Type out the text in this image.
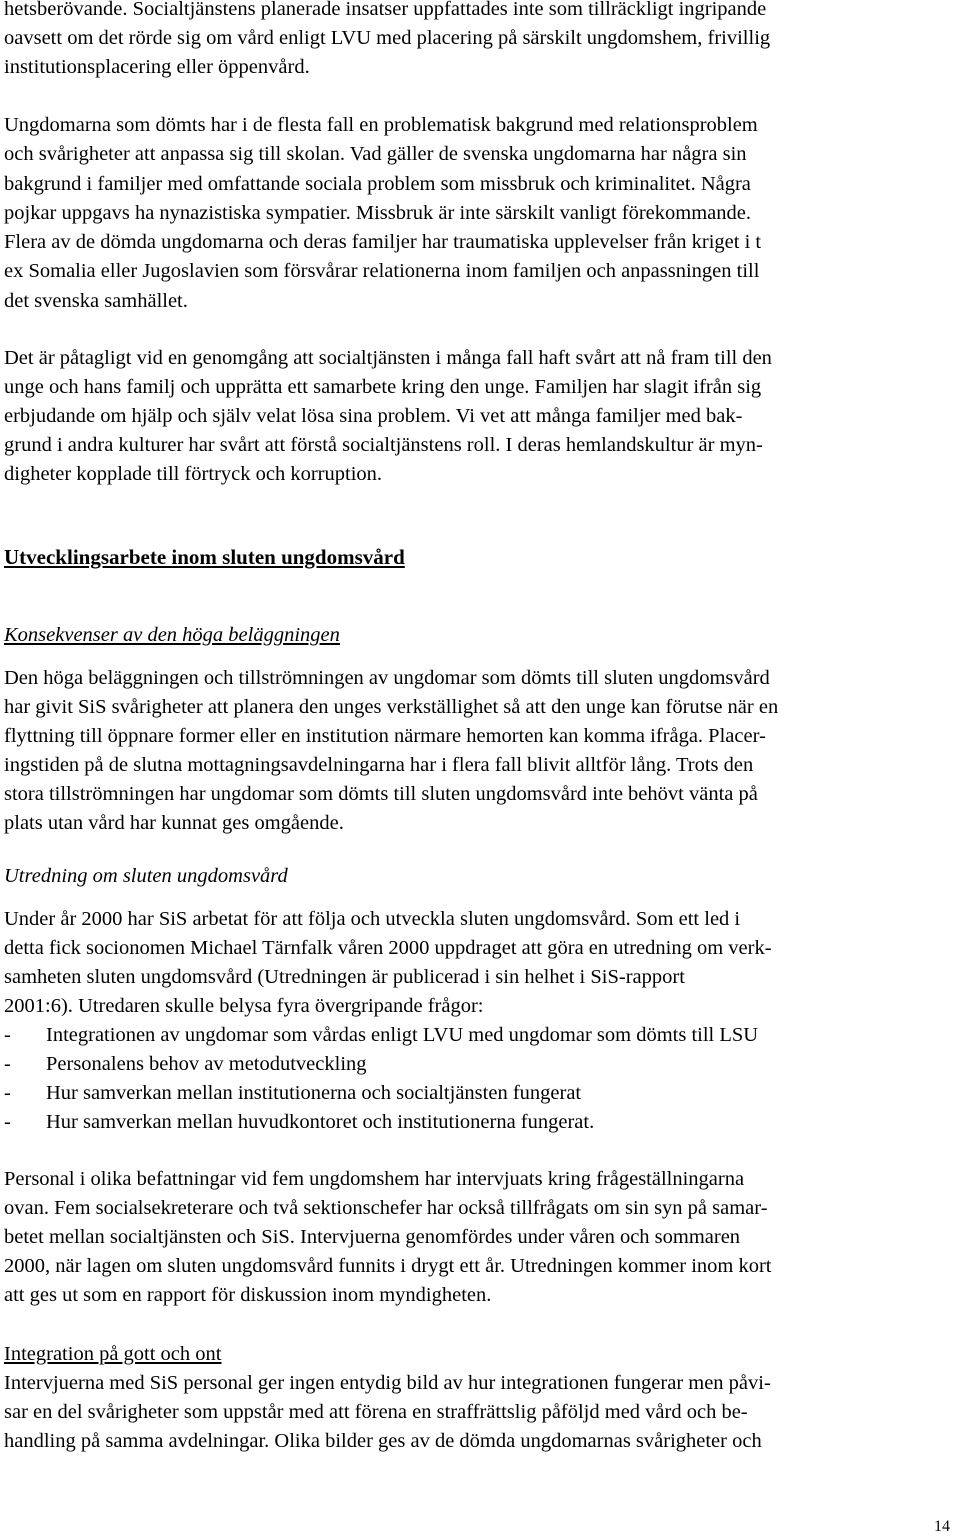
hetsberövande. Socialtjänstens planerade insatser uppfattades inte som tillräckligt ingripande

oavsett om det rörde sig om vård enligt LVU med placering på särskilt ungdomshem, frivillig

institutionsplacering eller öppenvård.

Ungdomarna som dömts har i de flesta fall en problematisk bakgrund med relationsproblem

och svårigheter att anpassa sig till skolan. Vad gäller de svenska ungdomarna har några sin

bakgrund i familjer med omfattande sociala problem som missbruk och kriminalitet. Några

pojkar uppgavs ha nynazistiska sympatier. Missbruk är inte särskilt vanligt förekommande.

Flera av de dömda ungdomarna och deras familjer har traumatiska upplevelser från kriget i t

ex Somalia eller Jugoslavien som försvårar relationerna inom familjen och anpassningen till

det svenska samhället.

Det är påtagligt vid en genomgång att socialtjänsten i många fall haft svårt att nå fram till den

unge och hans familj och upprätta ett samarbete kring den unge. Familjen har slagit ifrån sig

erbjudande om hjälp och själv velat lösa sina problem. Vi vet att många familjer med bak-

grund i andra kulturer har svårt att förstå socialtjänstens roll. I deras hemlandskultur är myn-

digheter kopplade till förtryck och korruption.

Utvecklingsarbete inom sluten ungdomsvård

Konsekvenser av den höga beläggningen

Den höga beläggningen och tillströmningen av ungdomar som dömts till sluten ungdomsvård

har givit SiS svårigheter att planera den unges verkställighet så att den unge kan förutse när en

flyttning till öppnare former eller en institution närmare hemorten kan komma ifråga. Placer-

ingstiden på de slutna mottagningsavdelningarna har i flera fall blivit alltför lång. Trots den

stora tillströmningen har ungdomar som dömts till sluten ungdomsvård inte behövt vänta på

plats utan vård har kunnat ges omgående.

Utredning om sluten ungdomsvård

Under år 2000 har SiS arbetat för att följa och utveckla sluten ungdomsvård. Som ett led i

detta fick socionomen Michael Tärnfalk våren 2000 uppdraget att göra en utredning om verk-

samheten sluten ungdomsvård (Utredningen är publicerad i sin helhet i SiS-rapport

2001:6). Utredaren skulle belysa fyra övergripande frågor:

-	Integrationen av ungdomar som vårdas enligt LVU med ungdomar som dömts till LSU

-	Personalens behov av metodutveckling

-	Hur samverkan mellan institutionerna och socialtjänsten fungerat

-	Hur samverkan mellan huvudkontoret och institutionerna fungerat.

Personal i olika befattningar vid fem ungdomshem har intervjuats kring frågeställningarna

ovan. Fem socialsekreterare och två sektionschefer har också tillfrågats om sin syn på samar-

betet mellan socialtjänsten och SiS. Intervjuerna genomfördes under våren och sommaren

2000, när lagen om sluten ungdomsvård funnits i drygt ett år. Utredningen kommer inom kort

att ges ut som en rapport för diskussion inom myndigheten.

Integration på gott och ont

Intervjuerna med SiS personal ger ingen entydig bild av hur integrationen fungerar men påvi-

sar en del svårigheter som uppstår med att förena en straffrättslig påföljd med vård och be-

handling på samma avdelningar. Olika bilder ges av de dömda ungdomarnas svårigheter och

14
